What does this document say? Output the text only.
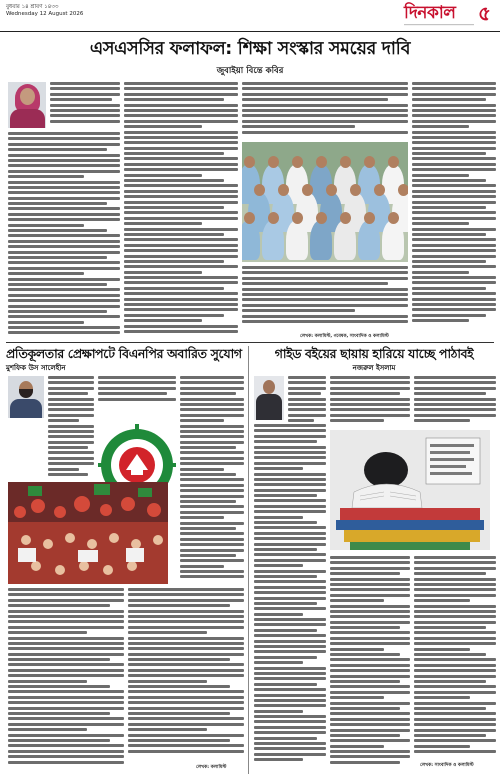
বুধবার ১৪ শ্রাবণ ১৪৩৩
Wednesday 12 August 2026	দিনকাল	৫
এসএসসির ফলাফল: শিক্ষা সংস্কার সময়ের দাবি
জুবাইয়া বিন্তে কবির
লেখক: কলামিস্ট, গবেষক, সাংবাদিক ও কলামিস্ট
প্রতিকূলতার প্রেক্ষাপটে বিএনপির অবারিত সুযোগ
মুশফিক উস সালেহীন
গাইড বইয়ের ছায়ায় হারিয়ে যাচ্ছে পাঠাবই
নজরুল ইসলাম
লেখক: কলামিস্ট	লেখক: সাংবাদিক ও কলামিস্ট
